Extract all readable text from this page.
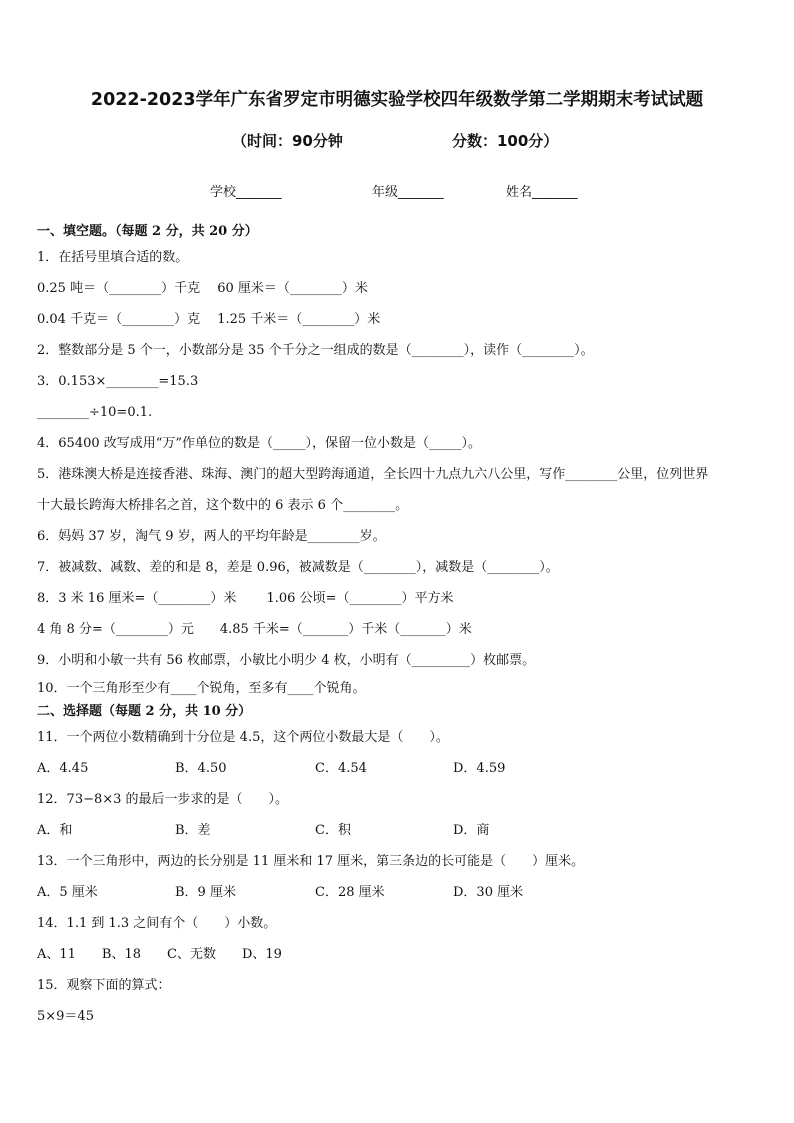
2022-2023学年广东省罗定市明德实验学校四年级数学第二学期期末考试试题
（时间：90分钟	分数：100分）
学校_______	年级_______	姓名_______
一、填空题。（每题 2 分，共 20 分）
1．在括号里填合适的数。
0.25 吨＝（________）千克　 60 厘米＝（________）米
0.04 千克＝（________）克　 1.25 千米＝（________）米
2．整数部分是 5 个一，小数部分是 35 个千分之一组成的数是（________），读作（________）。
3．0.153×________=15.3
________÷10=0.1.
4．65400 改写成用“万”作单位的数是（_____），保留一位小数是（_____）。
5．港珠澳大桥是连接香港、珠海、澳门的超大型跨海通道，全长四十九点九六八公里，写作________公里，位列世界
十大最长跨海大桥排名之首，这个数中的 6 表示 6 个________。
6．妈妈 37 岁，淘气 9 岁，两人的平均年龄是________岁。
7．被减数、减数、差的和是 8，差是 0.96，被减数是（________），减数是（________）。
8．3 米 16 厘米=（________）米　　 1.06 公顷=（________）平方米
4 角 8 分=（________）元　　4.85 千米=（_______）千米（_______）米
9．小明和小敏一共有 56 枚邮票，小敏比小明少 4 枚，小明有（_________）枚邮票。
10．一个三角形至少有____个锐角，至多有____个锐角。
二、选择题（每题 2 分，共 10 分）
11．一个两位小数精确到十分位是 4.5，这个两位小数最大是（　　）。
A．4.45	B．4.50	C．4.54	D．4.59
12．73−8×3 的最后一步求的是（　　）。
A．和	B．差	C．积	D．商
13．一个三角形中，两边的长分别是 11 厘米和 17 厘米，第三条边的长可能是（　　）厘米。
A．5 厘米	B．9 厘米	C．28 厘米	D．30 厘米
14．1.1 到 1.3 之间有个（　　）小数。
A、11　　B、18　　C、无数　　D、19
15．观察下面的算式：
5×9＝45
